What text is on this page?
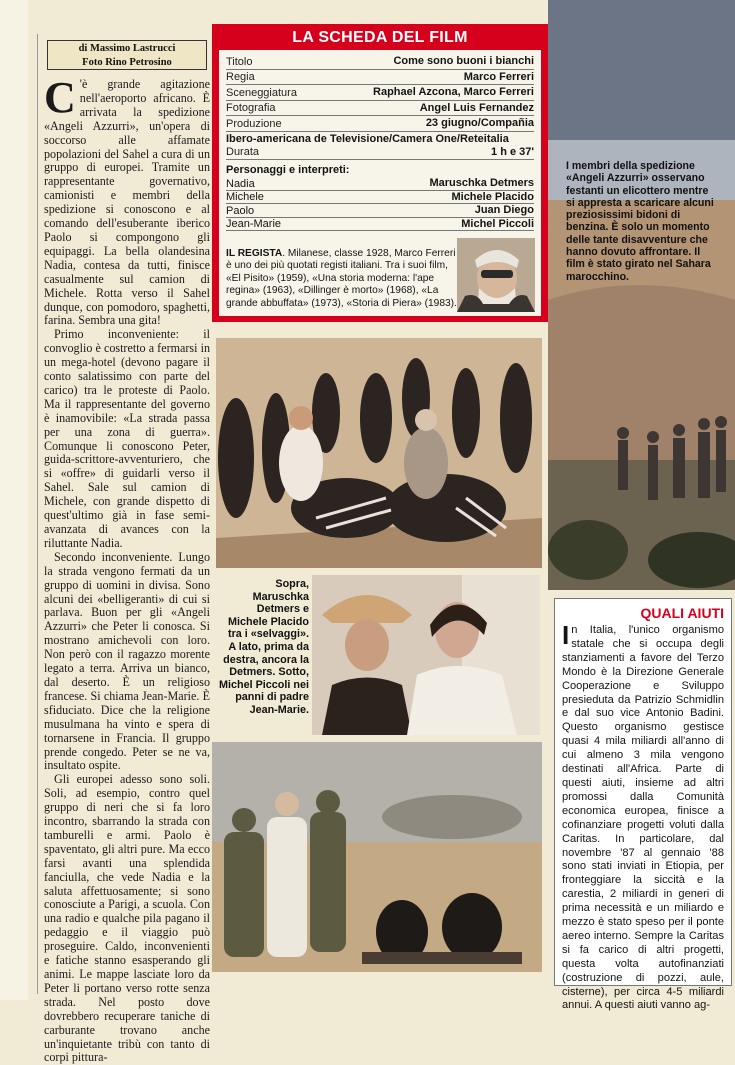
di Massimo Lastrucci
Foto Rino Petrosino

C 'è grande agitazione nell'aeroporto africano. È arrivata la spedizione «Angeli Azzurri», un'opera di soccorso alle affamate popolazioni del Sahel a cura di un gruppo di europei. Tramite un rappresentante governativo, camionisti e membri della spedizione si conoscono e al comando dell'esuberante iberico Paolo si compongono gli equipaggi. La bella olandesina Nadia, contesa da tutti, finisce casualmente sul camion di Michele. Rotta verso il Sahel dunque, con pomodoro, spaghetti, farina. Sembra una gita!

Primo inconveniente: il convoglio è costretto a fermarsi in un mega-hotel (devono pagare il conto salatissimo con parte del carico) tra le proteste di Paolo. Ma il rappresentante del governo è inamovibile: «La strada passa per una zona di guerra». Comunque li conoscono Peter, guida-scrittore-avventuriero, che si «offre» di guidarli verso il Sahel. Sale sul camion di Michele, con grande dispetto di quest'ultimo già in fase semi-avanzata di avances con la riluttante Nadia.

Secondo inconveniente. Lungo la strada vengono fermati da un gruppo di uomini in divisa. Sono alcuni dei «belligeranti» di cui si parlava. Buon per gli «Angeli Azzurri» che Peter li conosca. Si mostrano amichevoli con loro. Non però con il ragazzo morente legato a terra. Arriva un bianco, dal deserto. È un religioso francese. Si chiama Jean-Marie. È sfiduciato. Dice che la religione musulmana ha vinto e spera di tornarsene in Francia. Il gruppo prende congedo. Peter se ne va, insultato ospite.

Gli europei adesso sono soli. Soli, ad esempio, contro quel gruppo di neri che si fa loro incontro, sbarrando la strada con tamburelli e armi. Paolo è spaventato, gli altri pure. Ma ecco farsi avanti una splendida fanciulla, che vede Nadia e la saluta affettuosamente; si sono conosciute a Parigi, a scuola. Con una radio e qualche pila pagano il pedaggio e il viaggio può proseguire. Caldo, inconvenienti e fatiche stanno esasperando gli animi. Le mappe lasciate loro da Peter li portano verso rotte senza strada. Nel posto dove dovrebbero recuperare taniche di carburante trovano anche un'inquietante tribù con tanto di corpi pittura-

LA SCHEDA DEL FILM
Titolo	Come sono buoni i bianchi
Regia	Marco Ferreri
Sceneggiatura	Raphael Azcona, Marco Ferreri
Fotografia	Angel Luis Fernandez
Produzione	23 giugno/Compañia
Ibero-americana de Televisione/Camera One/Reteitalia
Durata	1 h e 37'
Personaggi e interpreti:
Nadia	Maruschka Detmers
Michele	Michele Placido
Paolo	Juan Diego
Jean-Marie	Michel Piccoli
IL REGISTA. Milanese, classe 1928, Marco Ferreri è uno dei più quotati registi italiani. Tra i suoi film, «El Pisito» (1959), «Una storia moderna: l'ape regina» (1963), «Dillinger è morto» (1968), «La grande abbuffata» (1973), «Storia di Piera» (1983).
I membri della spedizione «Angeli Azzurri» osservano festanti un elicottero mentre si appresta a scaricare alcuni preziosissimi bidoni di benzina. È solo un momento delle tante disavventure che hanno dovuto affrontare. Il film è stato girato nel Sahara marocchino.
Sopra, Maruschka Detmers e Michele Placido tra i «selvaggi». A lato, prima da destra, ancora la Detmers. Sotto, Michel Piccoli nei panni di padre Jean-Marie.
QUALI AIUTI
In Italia, l'unico organismo statale che si occupa degli stanziamenti a favore del Terzo Mondo è la Direzione Generale Cooperazione e Sviluppo presieduta da Patrizio Schmidlin e dal suo vice Antonio Badini. Questo organismo gestisce quasi 4 mila miliardi all'anno di cui almeno 3 mila vengono destinati all'Africa. Parte di questi aiuti, insieme ad altri promossi dalla Comunità economica europea, finisce a cofinanziare progetti voluti dalla Caritas. In particolare, dal novembre '87 al gennaio '88 sono stati inviati in Etiopia, per fronteggiare la siccità e la carestia, 2 miliardi in generi di prima necessità e un miliardo e mezzo è stato speso per il ponte aereo interno. Sempre la Caritas si fa carico di altri progetti, questa volta autofinanziati (costruzione di pozzi, aule, cisterne), per circa 4-5 miliardi annui. A questi aiuti vanno ag-
